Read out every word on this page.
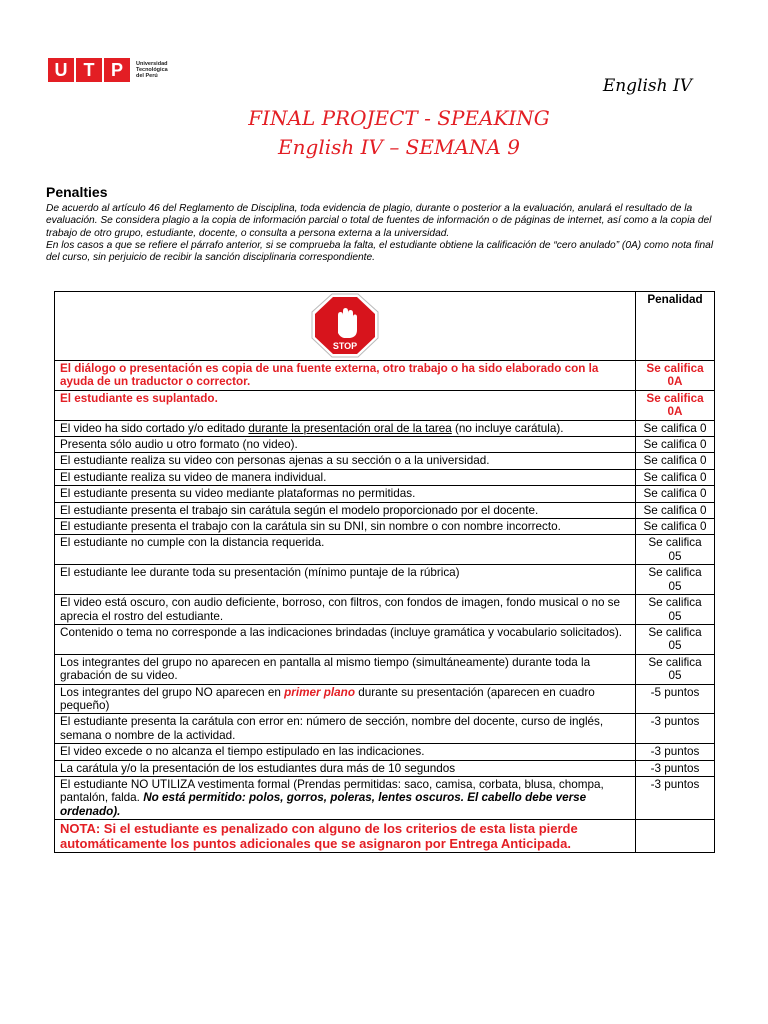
U T P	Universidad
Tecnológica
del Perú	English IV
FINAL PROJECT - SPEAKING
English IV – SEMANA 9
Penalties

De acuerdo al artículo 46 del Reglamento de Disciplina, toda evidencia de plagio, durante o posterior a la evaluación, anulará el resultado de la evaluación. Se considera plagio a la copia de información parcial o total de fuentes de información o de páginas de internet, así como a la copia del trabajo de otro grupo, estudiante, docente, o consulta a persona externa a la universidad.

En los casos a que se refiere el párrafo anterior, si se comprueba la falta, el estudiante obtiene la calificación de “cero anulado” (0A) como nota final del curso, sin perjuicio de recibir la sanción disciplinaria correspondiente.

STOP	Penalidad
El diálogo o presentación es copia de una fuente externa, otro trabajo o ha sido elaborado con la ayuda de un traductor o corrector.	Se califica 0A
El estudiante es suplantado.	Se califica 0A
El video ha sido cortado y/o editado durante la presentación oral de la tarea (no incluye carátula).	Se califica 0
Presenta sólo audio u otro formato (no video).	Se califica 0
El estudiante realiza su video con personas ajenas a su sección o a la universidad.	Se califica 0
El estudiante realiza su video de manera individual.	Se califica 0
El estudiante presenta su video mediante plataformas no permitidas.	Se califica 0
El estudiante presenta el trabajo sin carátula según el modelo proporcionado por el docente.	Se califica 0
El estudiante presenta el trabajo con la carátula sin su DNI, sin nombre o con nombre incorrecto.	Se califica 0
El estudiante no cumple con la distancia requerida.	Se califica 05
El estudiante lee durante toda su presentación (mínimo puntaje de la rúbrica)	Se califica 05
El video está oscuro, con audio deficiente, borroso, con filtros, con fondos de imagen, fondo musical o no se aprecia el rostro del estudiante.	Se califica 05
Contenido o tema no corresponde a las indicaciones brindadas (incluye gramática y vocabulario solicitados).	Se califica 05
Los integrantes del grupo no aparecen en pantalla al mismo tiempo (simultáneamente) durante toda la grabación de su video.	Se califica 05
Los integrantes del grupo NO aparecen en primer plano durante su presentación (aparecen en cuadro pequeño)	-5 puntos
El estudiante presenta la carátula con error en: número de sección, nombre del docente, curso de inglés, semana o nombre de la actividad.	-3 puntos
El video excede o no alcanza el tiempo estipulado en las indicaciones.	-3 puntos
La carátula y/o la presentación de los estudiantes dura más de 10 segundos	-3 puntos
El estudiante NO UTILIZA vestimenta formal (Prendas permitidas: saco, camisa, corbata, blusa, chompa, pantalón, falda. No está permitido: polos, gorros, poleras, lentes oscuros. El cabello debe verse ordenado).	-3 puntos
NOTA: Si el estudiante es penalizado con alguno de los criterios de esta lista pierde automáticamente los puntos adicionales que se asignaron por Entrega Anticipada.	
